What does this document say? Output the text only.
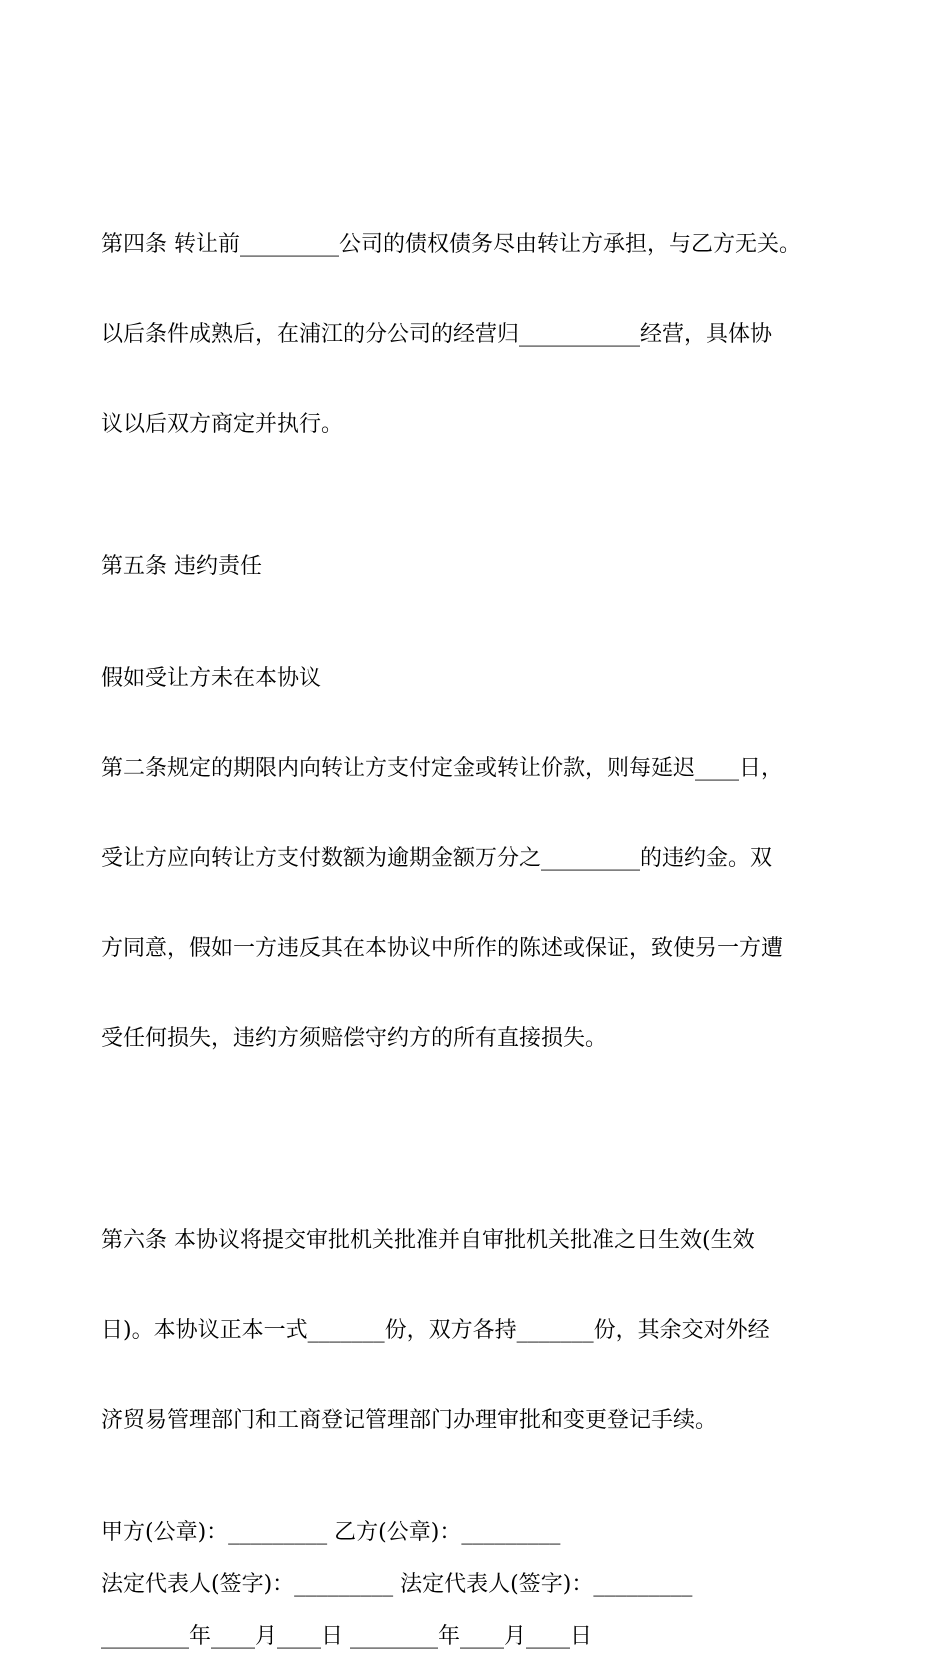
第四条 转让前_________公司的债权债务尽由转让方承担，与乙方无关。

以后条件成熟后，在浦江的分公司的经营归___________经营，具体协

议以后双方商定并执行。

第五条 违约责任

假如受让方未在本协议

第二条规定的期限内向转让方支付定金或转让价款，则每延迟____日，

受让方应向转让方支付数额为逾期金额万分之_________的违约金。双

方同意，假如一方违反其在本协议中所作的陈述或保证，致使另一方遭

受任何损失，违约方须赔偿守约方的所有直接损失。

第六条 本协议将提交审批机关批准并自审批机关批准之日生效(生效

日)。本协议正本一式_______份，双方各持_______份，其余交对外经

济贸易管理部门和工商登记管理部门办理审批和变更登记手续。

甲方(公章)：_________ 乙方(公章)：_________

法定代表人(签字)：_________ 法定代表人(签字)：_________

________年____月____日 ________年____月____日
